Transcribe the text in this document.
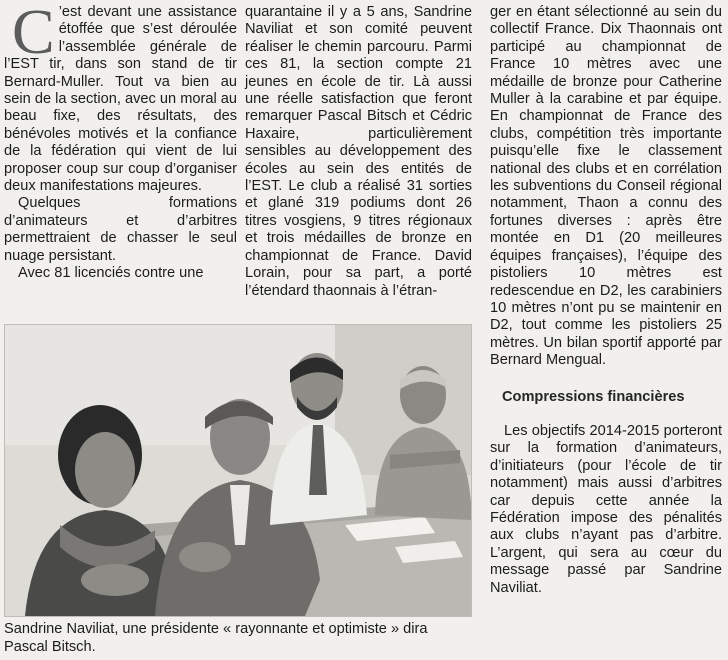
C ’est devant une assistance étoffée que s’est déroulée l’assemblée générale de l’EST tir, dans son stand de tir Bernard-Muller. Tout va bien au sein de la section, avec un moral au beau fixe, des résultats, des bénévoles motivés et la confiance de la fédération qui vient de lui proposer coup sur coup d’organiser deux manifestations majeures.

Quelques formations d’animateurs et d’arbitres permettraient de chasser le seul nuage persistant.

Avec 81 licenciés contre une

quarantaine il y a 5 ans, Sandrine Naviliat et son comité peuvent réaliser le chemin parcouru. Parmi ces 81, la section compte 21 jeunes en école de tir. Là aussi une réelle satisfaction que feront remarquer Pascal Bitsch et Cédric Haxaire, particulièrement sensibles au développement des écoles au sein des entités de l’EST. Le club a réalisé 31 sorties et glané 319 podiums dont 26 titres vosgiens, 9 titres régionaux et trois médailles de bronze en championnat de France. David Lorain, pour sa part, a porté l’étendard thaonnais à l’étran-

ger en étant sélectionné au sein du collectif France. Dix Thaonnais ont participé au championnat de France 10 mètres avec une médaille de bronze pour Catherine Muller à la carabine et par équipe. En championnat de France des clubs, compétition très importante puisqu’elle fixe le classement national des clubs et en corrélation les subventions du Conseil régional notamment, Thaon a connu des fortunes diverses : après être montée en D1 (20 meilleures équipes françaises), l’équipe des pistoliers 10 mètres est redescendue en D2, les carabiniers 10 mètres n’ont pu se maintenir en D2, tout comme les pistoliers 25 mètres. Un bilan sportif apporté par Bernard Mengual.

Compressions financières

Les objectifs 2014-2015 porteront sur la formation d’animateurs, d’initiateurs (pour l’école de tir notamment) mais aussi d’arbitres car depuis cette année la Fédération impose des pénalités aux clubs n’ayant pas d’arbitre. L’argent, qui sera au cœur du message passé par Sandrine Naviliat.

Sandrine Naviliat, une présidente « rayonnante et optimiste » dira Pascal Bitsch.
